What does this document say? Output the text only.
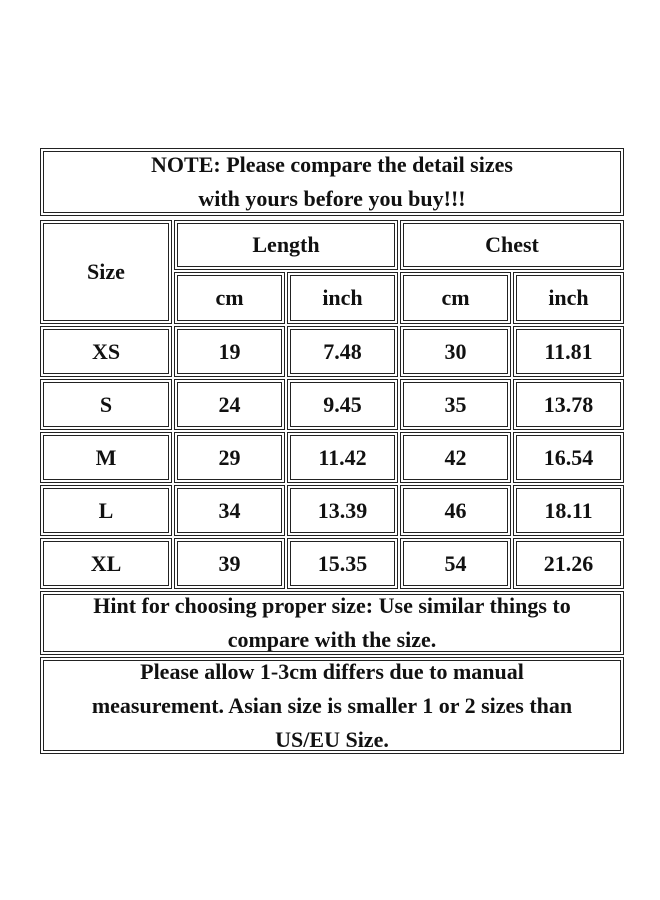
NOTE: Please compare the detail sizes
with yours before you buy!!!
Size
Length	Chest
cm	inch	cm	inch
XS	19	7.48	30	11.81
S	24	9.45	35	13.78
M	29	11.42	42	16.54
L	34	13.39	46	18.11
XL	39	15.35	54	21.26
Hint for choosing proper size: Use similar things to
compare with the size.
Please allow 1-3cm differs due to manual
measurement. Asian size is smaller 1 or 2 sizes than
US/EU Size.
